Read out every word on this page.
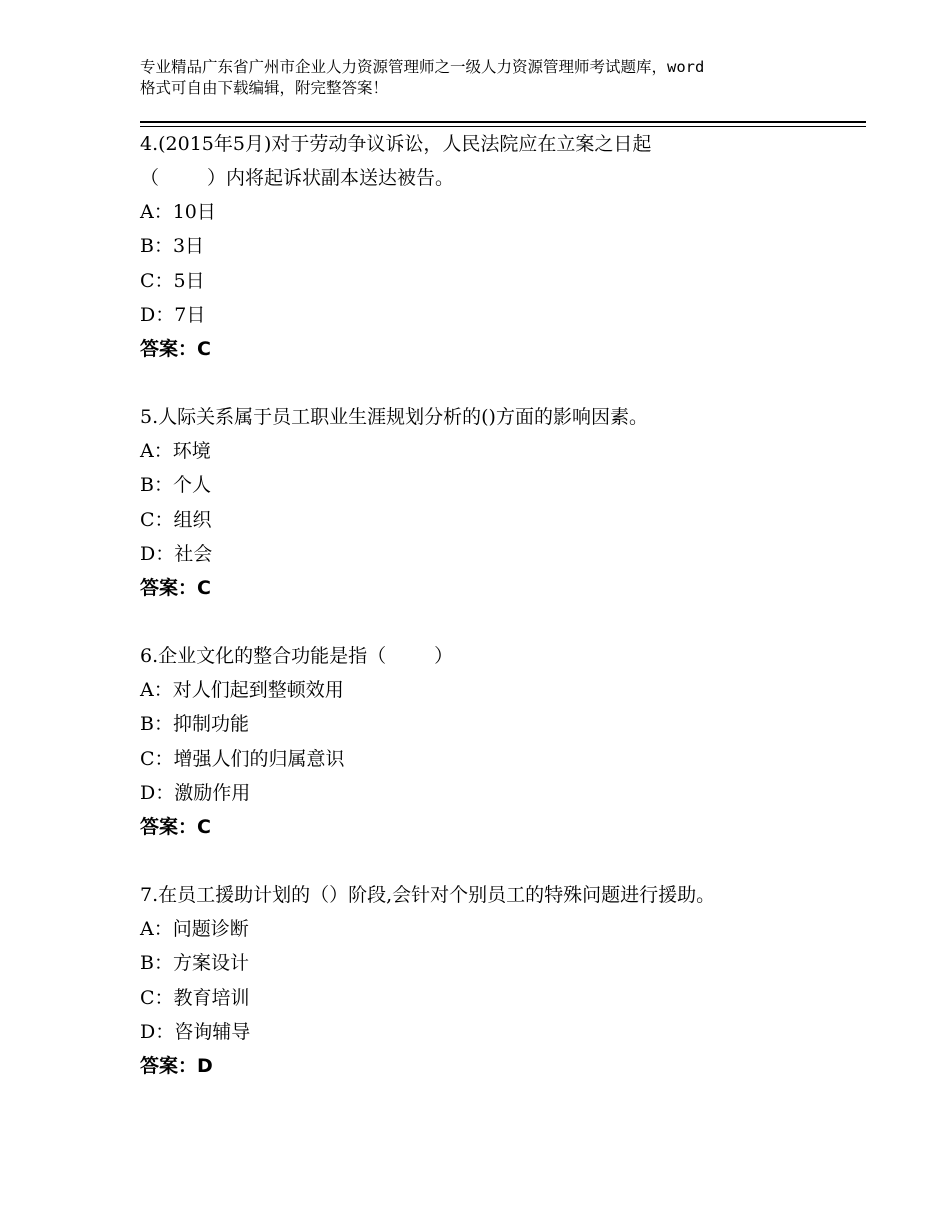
专业精品广东省广州市企业人力资源管理师之一级人力资源管理师考试题库，word
格式可自由下载编辑，附完整答案！

4.(2015年5月)对于劳动争议诉讼，人民法院应在立案之日起

（	）内将起诉状副本送达被告。

A：10日

B：3日

C：5日

D：7日

答案：C

5.人际关系属于员工职业生涯规划分析的()方面的影响因素。

A：环境

B：个人

C：组织

D：社会

答案：C

6.企业文化的整合功能是指（	）

A：对人们起到整顿效用

B：抑制功能

C：增强人们的归属意识

D：激励作用

答案：C

7.在员工援助计划的（）阶段,会针对个别员工的特殊问题进行援助。

A：问题诊断

B：方案设计

C：教育培训

D：咨询辅导

答案：D
